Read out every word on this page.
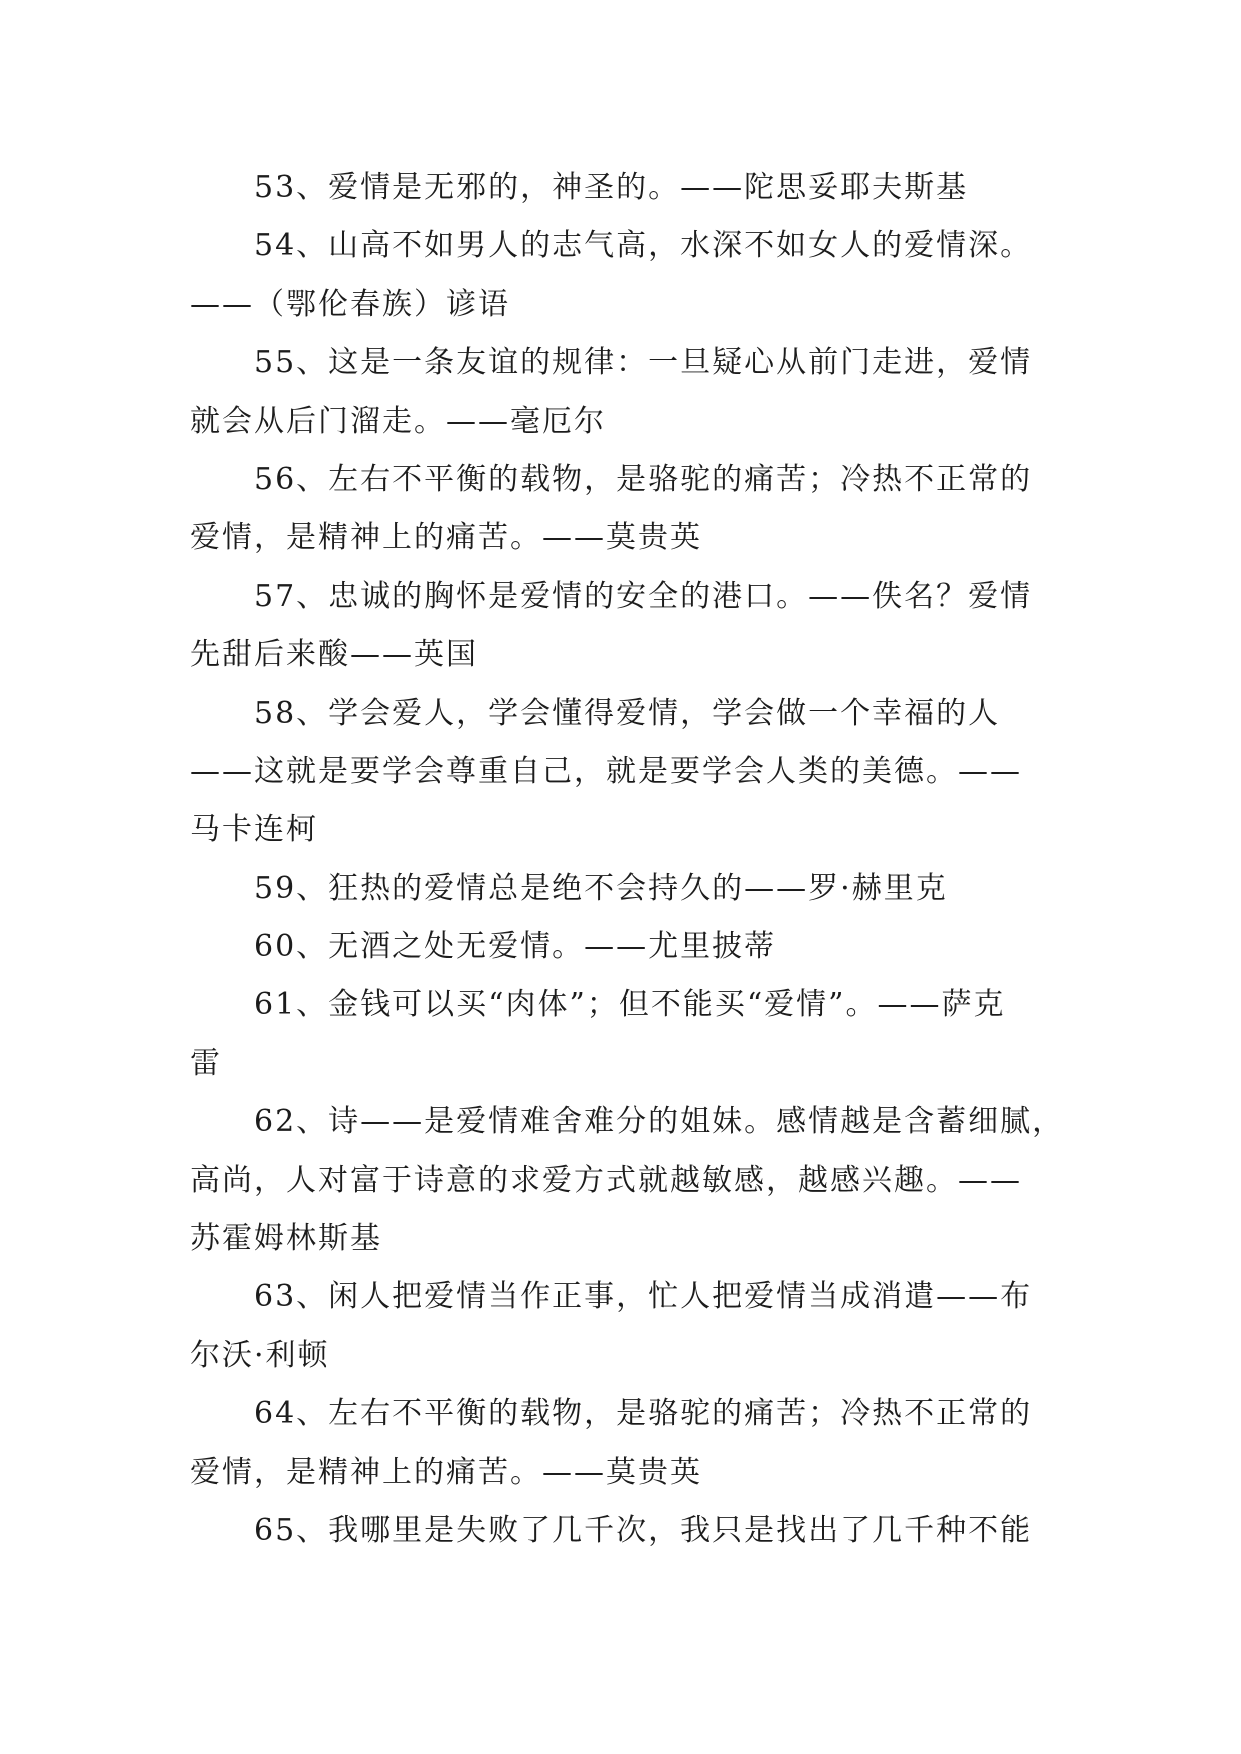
53、爱情是无邪的，神圣的。——陀思妥耶夫斯基
54、山高不如男人的志气高，水深不如女人的爱情深。
——（鄂伦春族）谚语
55、这是一条友谊的规律：一旦疑心从前门走进，爱情
就会从后门溜走。——毫厄尔
56、左右不平衡的载物，是骆驼的痛苦；冷热不正常的
爱情，是精神上的痛苦。——莫贵英
57、忠诚的胸怀是爱情的安全的港口。——佚名？爱情
先甜后来酸——英国
58、学会爱人，学会懂得爱情，学会做一个幸福的人
——这就是要学会尊重自己，就是要学会人类的美德。——
马卡连柯
59、狂热的爱情总是绝不会持久的——罗·赫里克
60、无酒之处无爱情。——尤里披蒂
61、金钱可以买“肉体”；但不能买“爱情”。——萨克
雷
62、诗——是爱情难舍难分的姐妹。感情越是含蓄细腻，
高尚，人对富于诗意的求爱方式就越敏感，越感兴趣。——
苏霍姆林斯基
63、闲人把爱情当作正事，忙人把爱情当成消遣——布
尔沃·利顿
64、左右不平衡的载物，是骆驼的痛苦；冷热不正常的
爱情，是精神上的痛苦。——莫贵英
65、我哪里是失败了几千次，我只是找出了几千种不能
